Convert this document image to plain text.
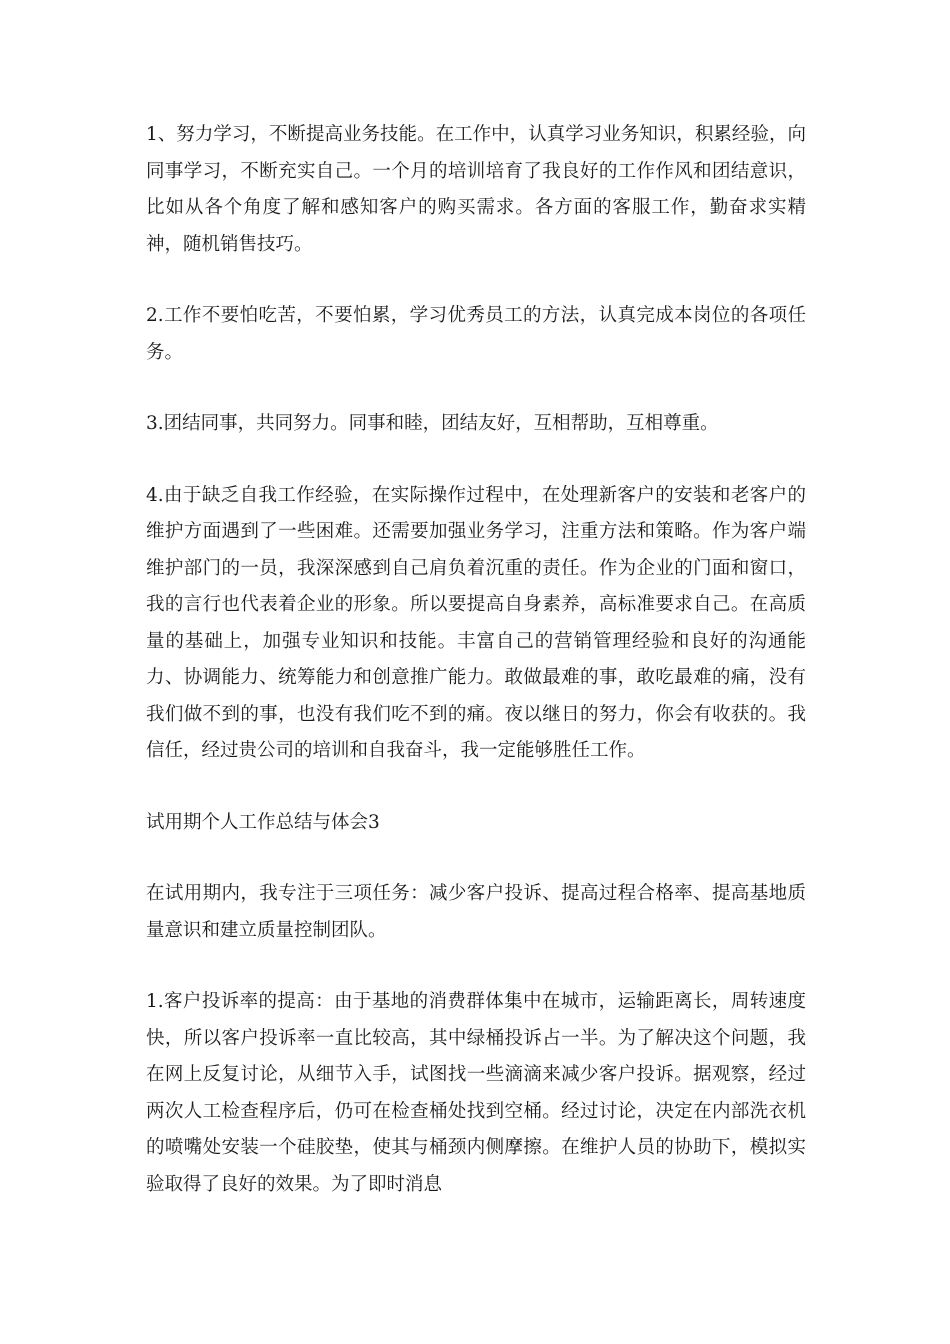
1、努力学习，不断提高业务技能。在工作中，认真学习业务知识，积累经验，向同事学习，不断充实自己。一个月的培训培育了我良好的工作作风和团结意识，比如从各个角度了解和感知客户的购买需求。各方面的客服工作，勤奋求实精神，随机销售技巧。

2.工作不要怕吃苦，不要怕累，学习优秀员工的方法，认真完成本岗位的各项任务。

3.团结同事，共同努力。同事和睦，团结友好，互相帮助，互相尊重。

4.由于缺乏自我工作经验，在实际操作过程中，在处理新客户的安装和老客户的维护方面遇到了一些困难。还需要加强业务学习，注重方法和策略。作为客户端维护部门的一员，我深深感到自己肩负着沉重的责任。作为企业的门面和窗口，我的言行也代表着企业的形象。所以要提高自身素养，高标准要求自己。在高质量的基础上，加强专业知识和技能。丰富自己的营销管理经验和良好的沟通能力、协调能力、统筹能力和创意推广能力。敢做最难的事，敢吃最难的痛，没有我们做不到的事，也没有我们吃不到的痛。夜以继日的努力，你会有收获的。我信任，经过贵公司的培训和自我奋斗，我一定能够胜任工作。

试用期个人工作总结与体会3

在试用期内，我专注于三项任务：减少客户投诉、提高过程合格率、提高基地质量意识和建立质量控制团队。

1.客户投诉率的提高：由于基地的消费群体集中在城市，运输距离长，周转速度快，所以客户投诉率一直比较高，其中绿桶投诉占一半。为了解决这个问题，我在网上反复讨论，从细节入手，试图找一些滴滴来减少客户投诉。据观察，经过两次人工检查程序后，仍可在检查桶处找到空桶。经过讨论，决定在内部洗衣机的喷嘴处安装一个硅胶垫，使其与桶颈内侧摩擦。在维护人员的协助下，模拟实验取得了良好的效果。为了即时消息
